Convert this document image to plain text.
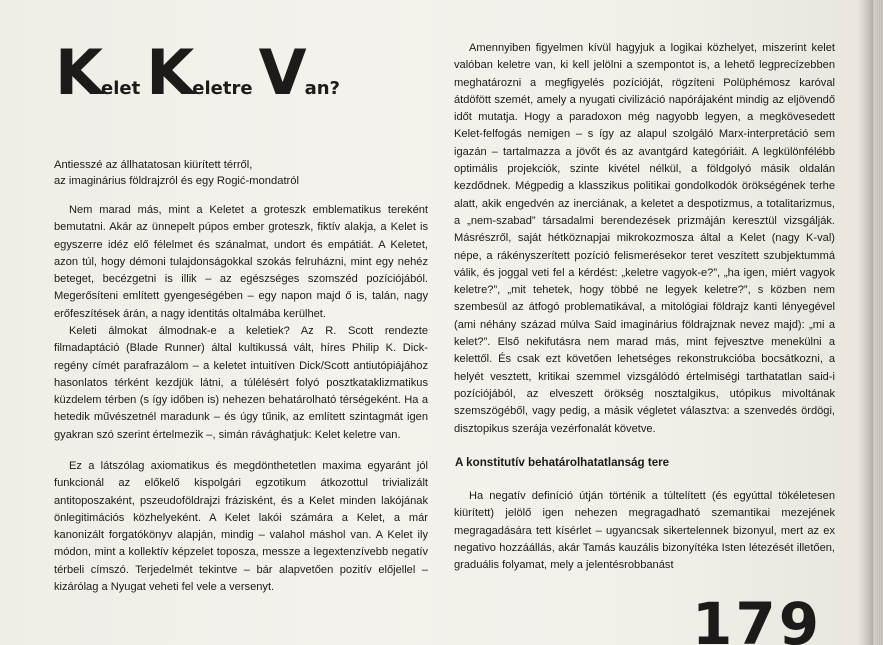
KeletKeletreVan?
Antiesszé az állhatatosan kiürített térről,
az imaginárius földrajzról és egy Rogić-mondatról

Nem marad más, mint a Keletet a groteszk emblematikus tereként bemutatni. Akár az ünnepelt púpos ember groteszk, fiktív alakja, a Kelet is egyszerre idéz elő félelmet és szánalmat, undort és empátiát. A Keletet, azon túl, hogy démoni tulajdonságokkal szokás felruházni, mint egy nehéz beteget, becézgetni is illik – az egészséges szomszéd pozíciójából. Megerősíteni említett gyengeségében – egy napon majd ő is, talán, nagy erőfeszítések árán, a nagy identitás oltalmába kerülhet.

Keleti álmokat álmodnak-e a keletiek? Az R. Scott rendezte filmadaptáció (Blade Runner) által kultikussá vált, híres Philip K. Dick-regény címét parafrazálom – a keletet intuitíven Dick/Scott antiutópiájához hasonlatos térként kezdjük látni, a túlélésért folyó posztkataklizmatikus küzdelem térben (s így időben is) nehezen behatárolható térségeként. Ha a hetedik művészetnél maradunk – és úgy tűnik, az említett szintagmát igen gyakran szó szerint értelmezik –, simán rávághatjuk: Kelet keletre van.

Ez a látszólag axiomatikus és megdönthetetlen maxima egyaránt jól funkcionál az előkelő kispolgári egzotikum átkozottul trivializált antitoposzaként, pszeudoföldrajzi frázisként, és a Kelet minden lakójának önlegitimációs közhelyeként. A Kelet lakói számára a Kelet, a már kanonizált forgatókönyv alapján, mindig – valahol máshol van. A Kelet ily módon, mint a kollektív képzelet toposza, messze a legextenzívebb negatív térbeli címszó. Terjedelmét tekintve – bár alapvetően pozitív előjellel – kizárólag a Nyugat veheti fel vele a versenyt.

Amennyiben figyelmen kívül hagyjuk a logikai közhelyet, miszerint kelet valóban keletre van, ki kell jelölni a szempontot is, a lehető legprecízebben meghatározni a megfigyelés pozícióját, rögzíteni Polüphémosz karóval átdöfött szemét, amely a nyugati civilizáció napórájaként mindig az eljövendő időt mutatja. Hogy a paradoxon még nagyobb legyen, a megkövesedett Kelet-felfogás nemigen – s így az alapul szolgáló Marx-interpretáció sem igazán – tartalmazza a jövőt és az avantgárd kategóriáit. A legkülönfélébb optimális projekciók, szinte kivétel nélkül, a földgolyó másik oldalán kezdődnek. Mégpedig a klasszikus politikai gondolkodók örökségének terhe alatt, akik engedvén az inerciának, a keletet a despotizmus, a totalitarizmus, a „nem-szabad” társadalmi berendezések prizmáján keresztül vizsgálják. Másrészről, saját hétköznapjai mikrokozmosza által a Kelet (nagy K-val) népe, a rákényszerített pozíció felismerésekor teret veszített szubjektummá válik, és joggal veti fel a kérdést: „keletre vagyok-e?”, „ha igen, miért vagyok keletre?”, „mit tehetek, hogy többé ne legyek keletre?”, s közben nem szembesül az átfogó problematikával, a mitológiai földrajz kanti lényegével (ami néhány század múlva Said imaginárius földrajznak nevez majd): „mi a kelet?”. Első nekifutásra nem marad más, mint fejvesztve menekülni a kelettől. És csak ezt követően lehetséges rekonstrukcióba bocsátkozni, a helyét vesztett, kritikai szemmel vizsgálódó értelmiségi tarthatatlan said-i pozíciójából, az elveszett örökség nosztalgikus, utópikus mivoltának szemszögéből, vagy pedig, a másik végletet választva: a szenvedés ördögi, disztopikus szerája vezérfonalát követve.

A konstitutív behatárolhatatlanság tere

Ha negatív definíció útján történik a túltelített (és egyúttal tökéletesen kiürített) jelölő igen nehezen megragadható szemantikai mezejének megragadására tett kísérlet – ugyancsak sikertelennek bizonyul, mert az ex negativo hozzáállás, akár Tamás kauzális bizonyítéka Isten létezését illetően, graduális folyamat, mely a jelentésrobbanást

179
